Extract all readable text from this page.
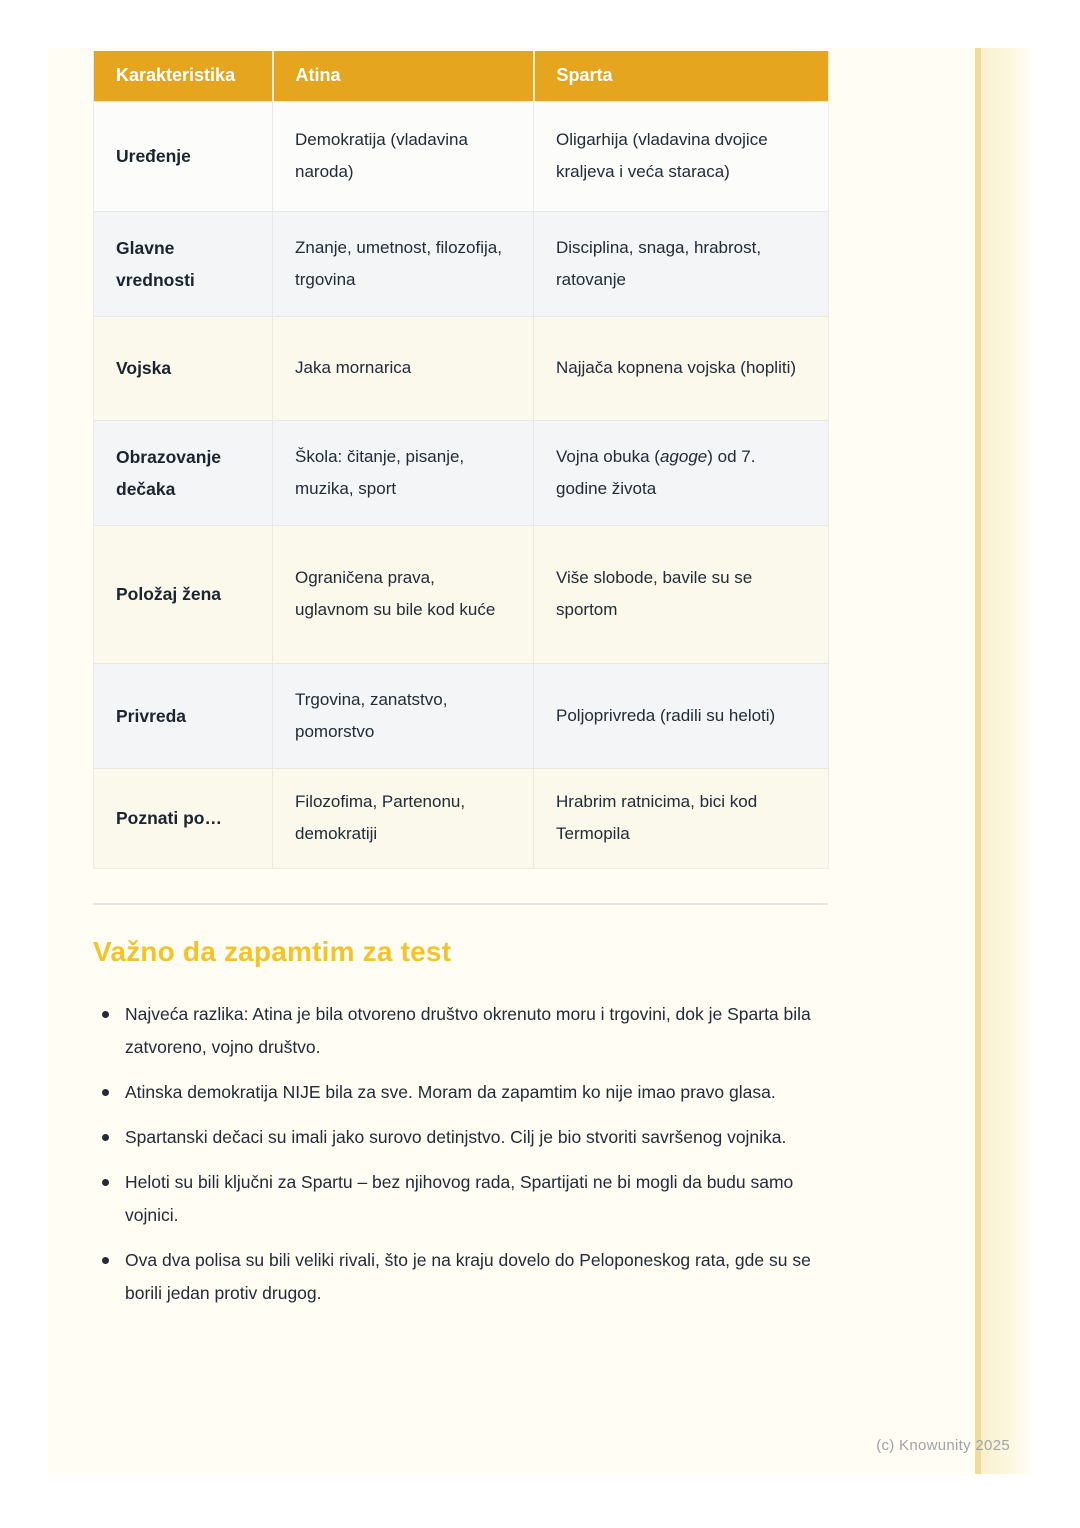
Karakteristika	Atina	Sparta
Uređenje	Demokratija (vladavina naroda)	Oligarhija (vladavina dvojice kraljeva i veća staraca)
Glavne vrednosti	Znanje, umetnost, filozofija, trgovina	Disciplina, snaga, hrabrost, ratovanje
Vojska	Jaka mornarica	Najjača kopnena vojska (hopliti)
Obrazovanje dečaka	Škola: čitanje, pisanje, muzika, sport	Vojna obuka (agoge) od 7. godine života
Položaj žena	Ograničena prava, uglavnom su bile kod kuće	Više slobode, bavile su se sportom
Privreda	Trgovina, zanatstvo, pomorstvo	Poljoprivreda (radili su heloti)
Poznati po…	Filozofima, Partenonu, demokratiji	Hrabrim ratnicima, bici kod Termopila
Važno da zapamtim za test
Najveća razlika: Atina je bila otvoreno društvo okrenuto moru i trgovini, dok je Sparta bila zatvoreno, vojno društvo.
Atinska demokratija NIJE bila za sve. Moram da zapamtim ko nije imao pravo glasa.
Spartanski dečaci su imali jako surovo detinjstvo. Cilj je bio stvoriti savršenog vojnika.
Heloti su bili ključni za Spartu – bez njihovog rada, Spartijati ne bi mogli da budu samo vojnici.
Ova dva polisa su bili veliki rivali, što je na kraju dovelo do Peloponeskog rata, gde su se borili jedan protiv drugog.
(c) Knowunity 2025
